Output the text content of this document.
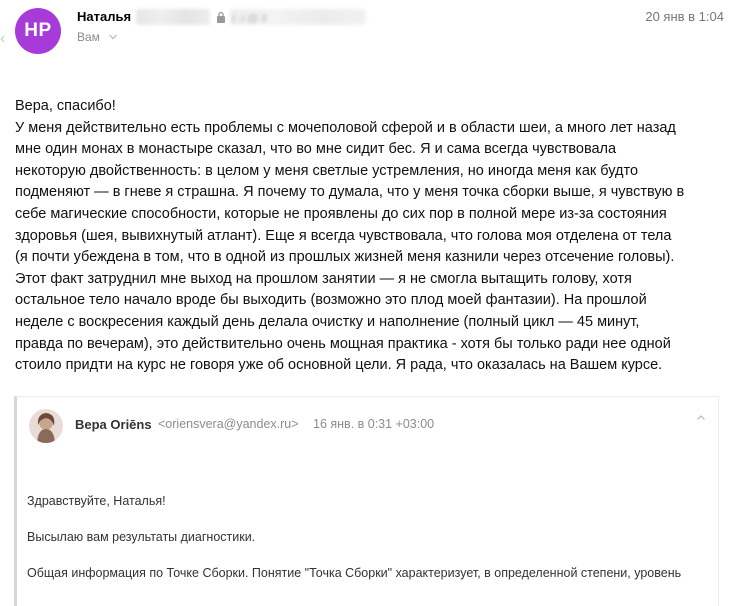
‹ HP
Наталья	r .i @ il
Вам
20 янв в 1:04

Вера, спасибо!

У меня действительно есть проблемы с мочеполовой сферой и в области шеи, а много лет назад

мне один монах в монастыре сказал, что во мне сидит бес. Я и сама всегда чувствовала

некоторую двойственность: в целом у меня светлые устремления, но иногда меня как будто

подменяют — в гневе я страшна. Я почему то думала, что у меня точка сборки выше, я чувствую в

себе магические способности, которые не проявлены до сих пор в полной мере из-за состояния

здоровья (шея, вывихнутый атлант). Еще я всегда чувствовала, что голова моя отделена от тела

(я почти убеждена в том, что в одной из прошлых жизней меня казнили через отсечение головы).

Этот факт затруднил мне выход на прошлом занятии — я не смогла вытащить голову, хотя

остальное тело начало вроде бы выходить (возможно это плод моей фантазии). На прошлой

неделе с воскресения каждый день делала очистку и наполнение (полный цикл — 45 минут,

правда по вечерам), это действительно очень мощная практика - хотя бы только ради нее одной

стоило придти на курс не говоря уже об основной цели. Я рада, что оказалась на Вашем курсе.

Вера Oriēns <oriensvera@yandex.ru> 16 янв. в 0:31 +03:00

Здравствуйте, Наталья!

Высылаю вам результаты диагностики.

Общая информация по Точке Сборки. Понятие "Точка Сборки" характеризует, в определенной степени, уровень
